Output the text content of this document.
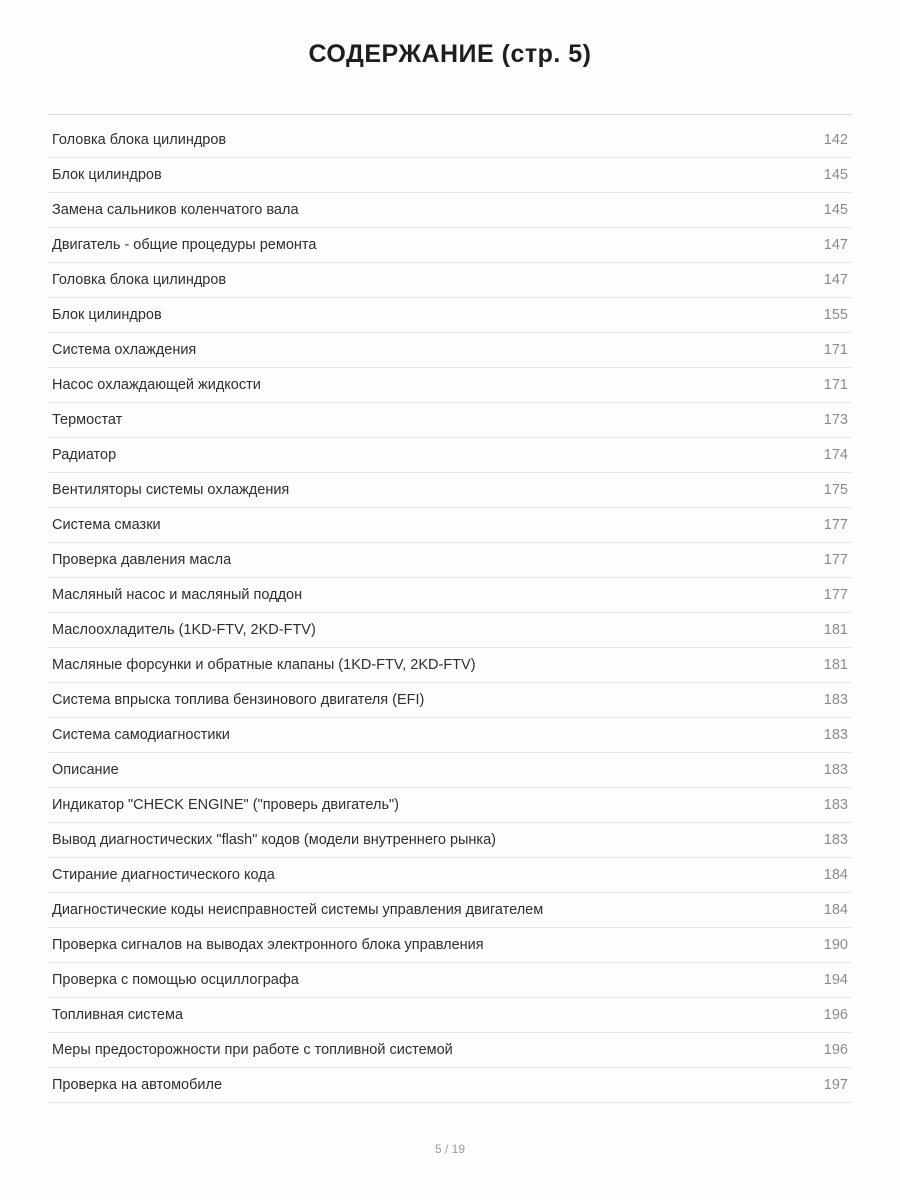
СОДЕРЖАНИЕ (стр. 5)
Головка блока цилиндров	142
Блок цилиндров	145
Замена сальников коленчатого вала	145
Двигатель - общие процедуры ремонта	147
Головка блока цилиндров	147
Блок цилиндров	155
Система охлаждения	171
Насос охлаждающей жидкости	171
Термостат	173
Радиатор	174
Вентиляторы системы охлаждения	175
Система смазки	177
Проверка давления масла	177
Масляный насос и масляный поддон	177
Маслоохладитель (1KD-FTV, 2KD-FTV)	181
Масляные форсунки и обратные клапаны (1KD-FTV, 2KD-FTV)	181
Система впрыска топлива бензинового двигателя (EFI)	183
Система самодиагностики	183
Описание	183
Индикатор "CHECK ENGINE" ("проверь двигатель")	183
Вывод диагностических "flash" кодов (модели внутреннего рынка)	183
Стирание диагностического кода	184
Диагностические коды неисправностей системы управления двигателем	184
Проверка сигналов на выводах электронного блока управления	190
Проверка с помощью осциллографа	194
Топливная система	196
Меры предосторожности при работе с топливной системой	196
Проверка на автомобиле	197
5 / 19
